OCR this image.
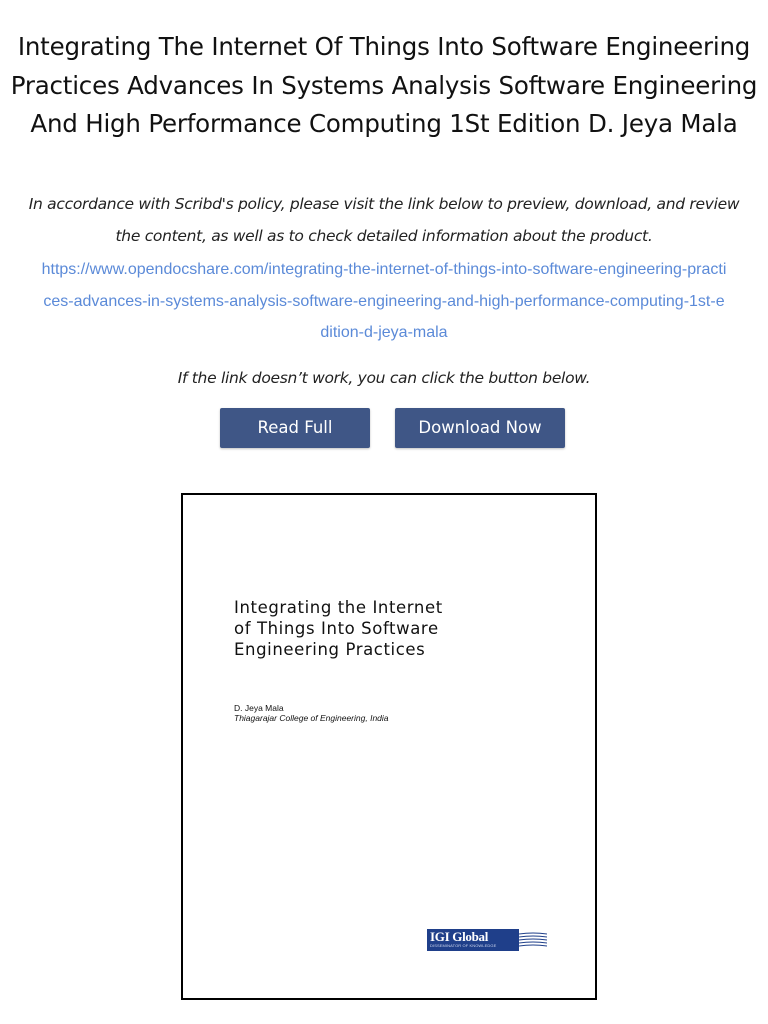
Integrating The Internet Of Things Into Software Engineering Practices Advances In Systems Analysis Software Engineering And High Performance Computing 1St Edition D. Jeya Mala

In accordance with Scribd's policy, please visit the link below to preview, download, and review the content, as well as to check detailed information about the product.

https://www.opendocshare.com/integrating-the-internet-of-things-into-software-engineering-practices-advances-in-systems-analysis-software-engineering-and-high-performance-computing-1st-edition-d-jeya-mala

If the link doesn’t work, you can click the button below.

Read Full	Download Now
Integrating the Internet
of Things Into Software
Engineering Practices
D. Jeya Mala
Thiagarajar College of Engineering, India
IGI Global
DISSEMINATOR OF KNOWLEDGE
